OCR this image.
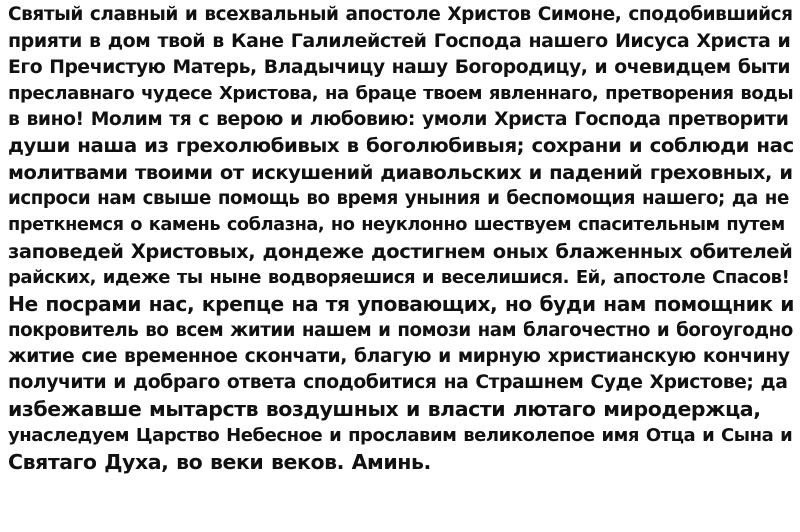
Святый славный и всехвальный апостоле Христов Симоне, сподобившийся
прияти в дом твой в Кане Галилейстей Господа нашего Иисуса Христа и
Его Пречистую Матерь, Владычицу нашу Богородицу, и очевидцем быти
преславнаго чудесе Христова, на браце твоем явленнаго, претворения воды
в вино! Молим тя с верою и любовию: умоли Христа Господа претворити
души наша из грехолюбивых в боголюбивыя; сохрани и соблюди нас
молитвами твоими от искушений диавольских и падений греховных, и
испроси нам свыше помощь во время уныния и беспомощия нашего; да не
преткнемся о камень соблазна, но неуклонно шествуем спасительным путем
заповедей Христовых, дондеже достигнем оных блаженных обителей
райских, идеже ты ныне водворяешися и веселишися. Ей, апостоле Спасов!
Не посрами нас, крепце на тя уповающих, но буди нам помощник и
покровитель во всем житии нашем и помози нам благочестно и богоугодно
житие сие временное скончати, благую и мирную христианскую кончину
получити и добраго ответа сподобитися на Страшнем Суде Христове; да
избежавше мытарств воздушных и власти лютаго миродержца,
унаследуем Царство Небесное и прославим великолепое имя Отца и Сына и
Святаго Духа, во веки веков. Аминь.
